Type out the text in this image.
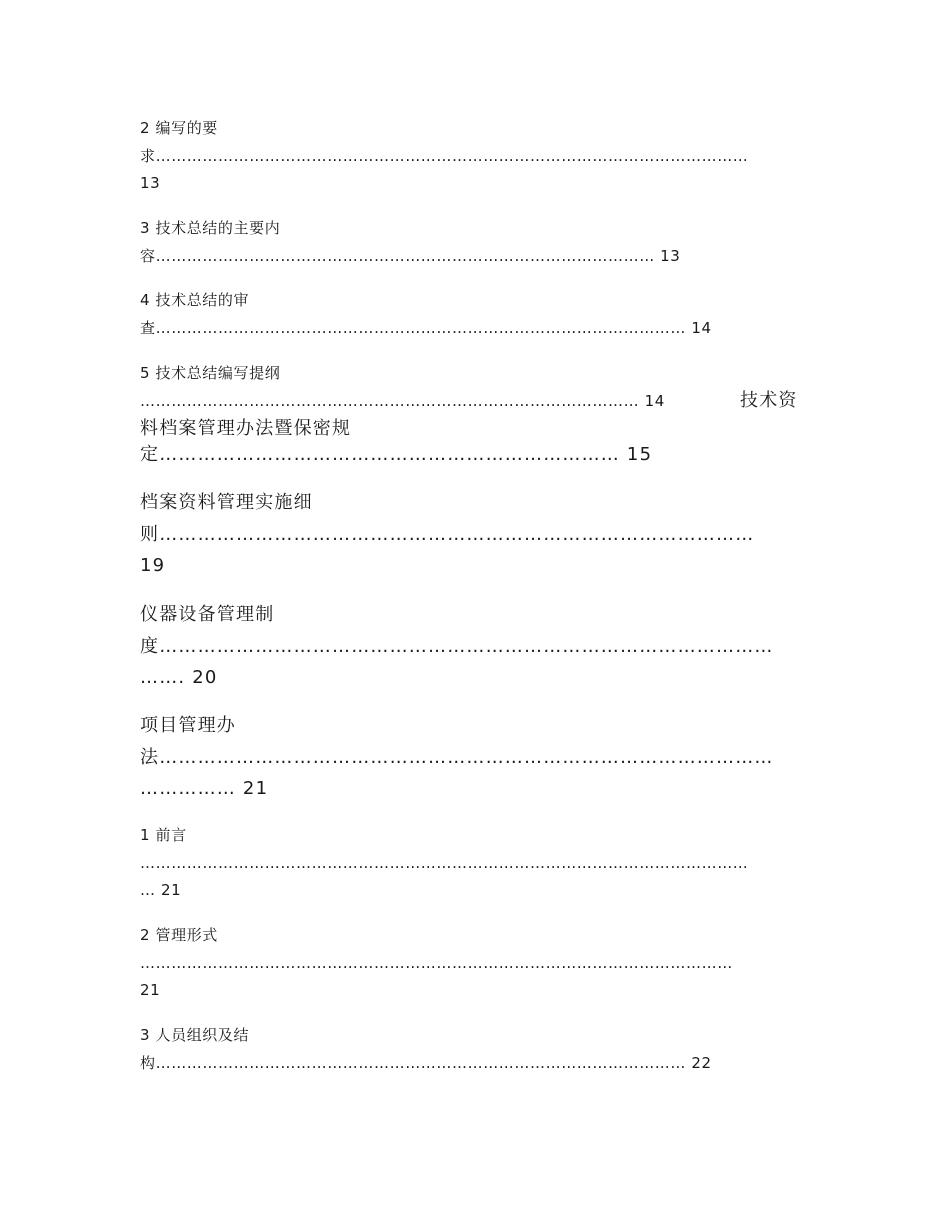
2 编写的要
求……………………………………………………………………………………………………
13
3 技术总结的主要内
容…………………………………………………………………………………… 13
4 技术总结的审
查………………………………………………………………………………………… 14
5 技术总结编写提纲
…………………………………………………………………………………… 14	技术资
料档案管理办法暨保密规
定……………………………………………………………… 15
档案资料管理实施细
则…………………………………………………………………………………
19
仪器设备管理制
度……………………………………………………………………………………
……. 20
项目管理办
法……………………………………………………………………………………
…………… 21
1 前言
………………………………………………………………………………………………………
… 21
2 管理形式
……………………………………………………………………………………………………
21
3 人员组织及结
构………………………………………………………………………………………… 22
